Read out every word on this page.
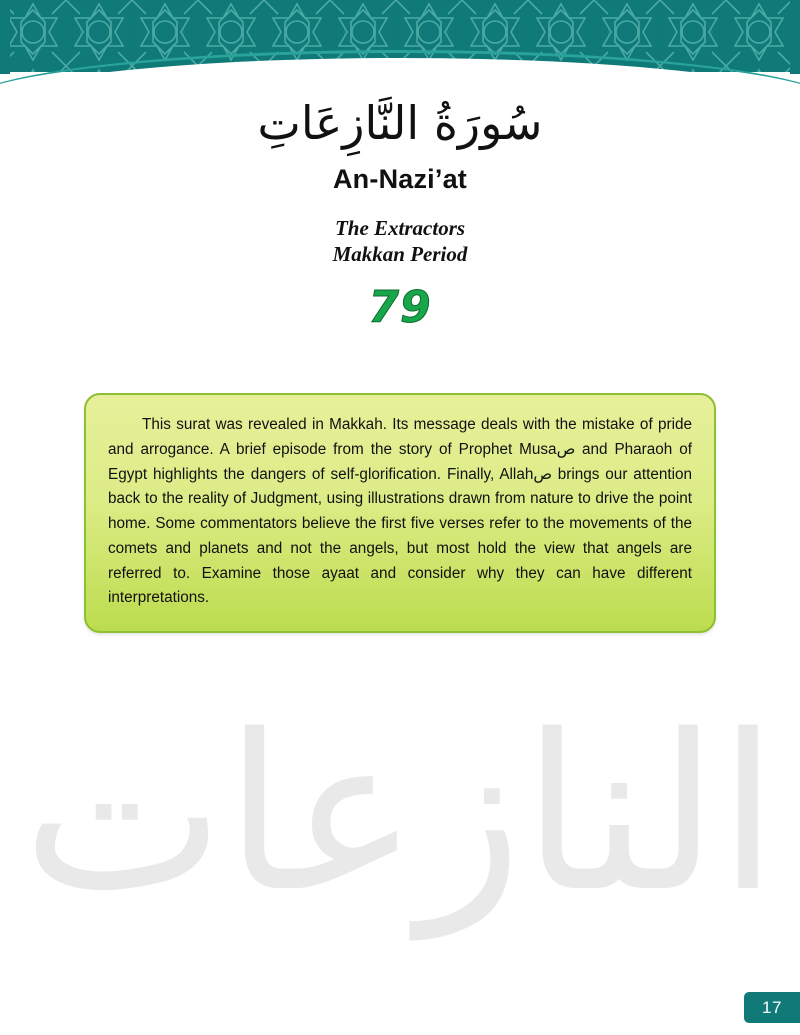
سُورَةُ النَّازِعَاتِ
An-Nazi’at
The Extractors
Makkan Period
79

This surat was revealed in Makkah. Its message deals with the mistake of pride and arrogance. A brief episode from the story of Prophet Musaص and Pharaoh of Egypt highlights the dangers of self-glorification. Finally, Allahص brings our attention back to the reality of Judgment, using illustrations drawn from nature to drive the point home. Some commentators believe the first five verses refer to the movements of the comets and planets and not the angels, but most hold the view that angels are referred to. Examine those ayaat and consider why they can have different interpretations.

النازعات
17
